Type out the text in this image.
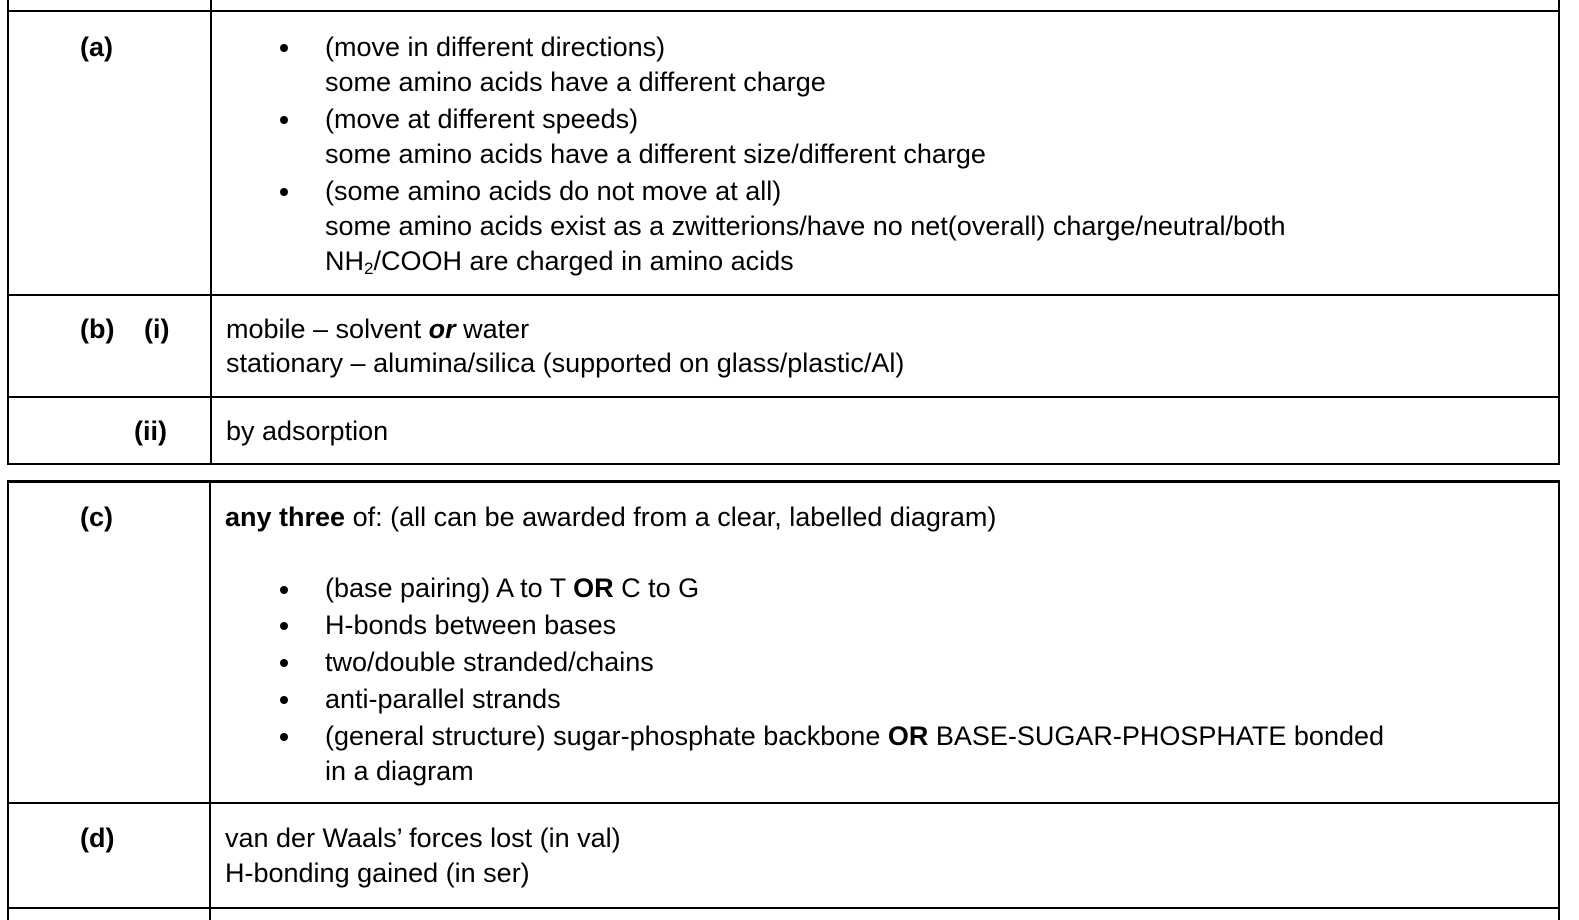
(a)	(move in different directions)
some amino acids have a different charge
(move at different speeds)
some amino acids have a different size/different charge
(some amino acids do not move at all)
some amino acids exist as a zwitterions/have no net(overall) charge/neutral/both
$NH_2$/COOH are charged in amino acids
(b) (i) mobile – solvent or water
stationary – alumina/silica (supported on glass/plastic/Al)
(ii) by adsorption
(c)	any three of: (all can be awarded from a clear, labelled diagram)
(base pairing) A to T OR C to G
H-bonds between bases
two/double stranded/chains
anti-parallel strands
(general structure) sugar-phosphate backbone OR BASE-SUGAR-PHOSPHATE bonded
in a diagram
(d)	van der Waals’ forces lost (in val)
H-bonding gained (in ser)
